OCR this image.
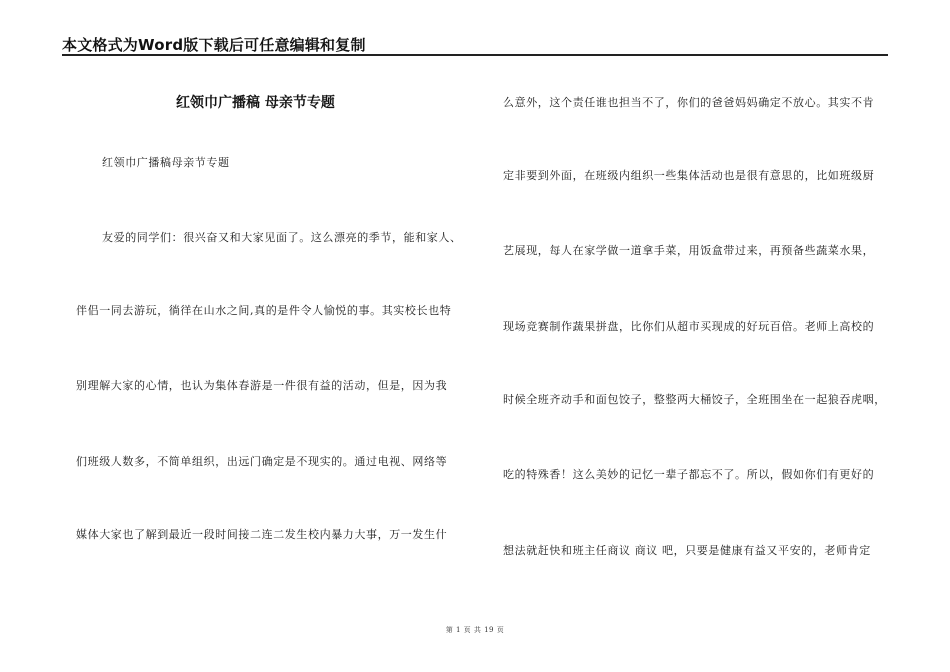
本文格式为Word版下载后可任意编辑和复制
红领巾广播稿 母亲节专题
红领巾广播稿母亲节专题
友爱的同学们：很兴奋又和大家见面了。这么漂亮的季节，能和家人、
伴侣一同去游玩，徜徉在山水之间,真的是件令人愉悦的事。其实校长也特
别理解大家的心情，也认为集体春游是一件很有益的活动，但是，因为我
们班级人数多，不简单组织，出远门确定是不现实的。通过电视、网络等
媒体大家也了解到最近一段时间接二连二发生校内暴力大事，万一发生什
么意外，这个责任谁也担当不了，你们的爸爸妈妈确定不放心。其实不肯
定非要到外面，在班级内组织一些集体活动也是很有意思的，比如班级厨
艺展现，每人在家学做一道拿手菜，用饭盒带过来，再预备些蔬菜水果，
现场竞赛制作蔬果拼盘，比你们从超市买现成的好玩百倍。老师上高校的
时候全班齐动手和面包饺子，整整两大桶饺子，全班围坐在一起狼吞虎咽，
吃的特殊香！这么美妙的记忆一辈子都忘不了。所以，假如你们有更好的
想法就赶快和班主任商议 商议 吧，只要是健康有益又平安的，老师肯定
第 1 页 共 19 页
